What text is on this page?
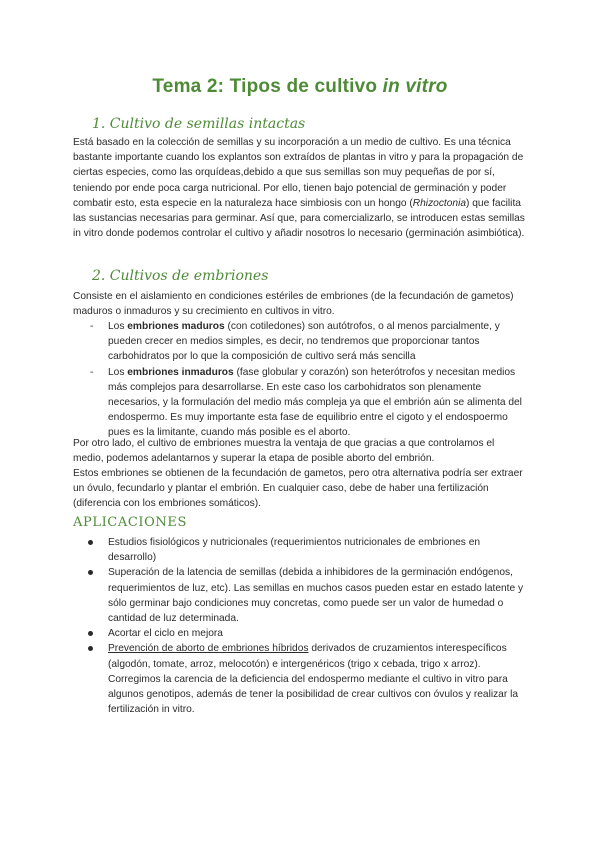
Tema 2: Tipos de cultivo in vitro
1. Cultivo de semillas intactas

Está basado en la colección de semillas y su incorporación a un medio de cultivo. Es una técnica bastante importante cuando los explantos son extraídos de plantas in vitro y para la propagación de ciertas especies, como las orquídeas,debido a que sus semillas son muy pequeñas de por sí, teniendo por ende poca carga nutricional. Por ello, tienen bajo potencial de germinación y poder combatir esto, esta especie en la naturaleza hace simbiosis con un hongo (Rhizoctonia) que facilita las sustancias necesarias para germinar. Así que, para comercializarlo, se introducen estas semillas in vitro donde podemos controlar el cultivo y añadir nosotros lo necesario (germinación asimbiótica).

2. Cultivos de embriones

Consiste en el aislamiento en condiciones estériles de embriones (de la fecundación de gametos) maduros o inmaduros y su crecimiento en cultivos in vitro.

- Los embriones maduros (con cotiledones) son autótrofos, o al menos parcialmente, y pueden crecer en medios simples, es decir, no tendremos que proporcionar tantos carbohidratos por lo que la composición de cultivo será más sencilla
- Los embriones inmaduros (fase globular y corazón) son heterótrofos y necesitan medios más complejos para desarrollarse. En este caso los carbohidratos son plenamente necesarios, y la formulación del medio más compleja ya que el embrión aún se alimenta del endospermo. Es muy importante esta fase de equilibrio entre el cigoto y el endospoermo pues es la limitante, cuando más posible es el aborto.

Por otro lado, el cultivo de embriones muestra la ventaja de que gracias a que controlamos el medio, podemos adelantarnos y superar la etapa de posible aborto del embrión.

Estos embriones se obtienen de la fecundación de gametos, pero otra alternativa podría ser extraer un óvulo, fecundarlo y plantar el embrión. En cualquier caso, debe de haber una fertilización (diferencia con los embriones somáticos).

APLICACIONES
Estudios fisiológicos y nutricionales (requerimientos nutricionales de embriones en desarrollo)
Superación de la latencia de semillas (debida a inhibidores de la germinación endógenos, requerimientos de luz, etc). Las semillas en muchos casos pueden estar en estado latente y sólo germinar bajo condiciones muy concretas, como puede ser un valor de humedad o cantidad de luz determinada.
Acortar el ciclo en mejora
Prevención de aborto de embriones híbridos derivados de cruzamientos interespecíficos (algodón, tomate, arroz, melocotón) e intergenéricos (trigo x cebada, trigo x arroz). Corregimos la carencia de la deficiencia del endospermo mediante el cultivo in vitro para algunos genotipos, además de tener la posibilidad de crear cultivos con óvulos y realizar la fertilización in vitro.
